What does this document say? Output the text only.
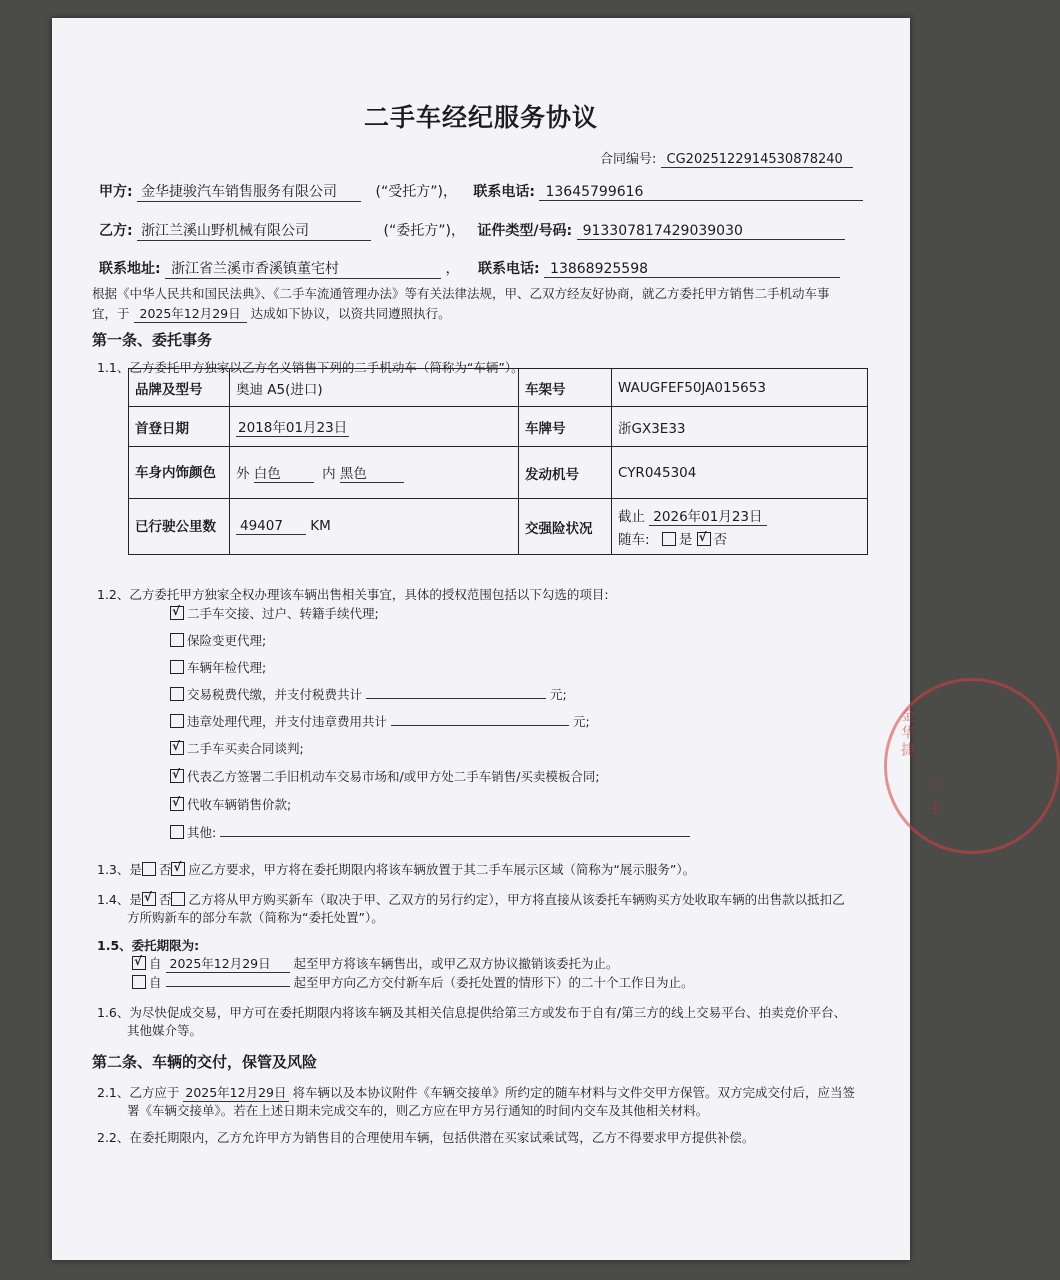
二手车经纪服务协议
合同编号: CG2025122914530878240
甲方: 金华捷骏汽车销售服务有限公司	(“受托方”)， 联系电话: 13645799616
乙方: 浙江兰溪山野机械有限公司	(“委托方”)， 证件类型/号码: 913307817429039030
联系地址: 浙江省兰溪市香溪镇董宅村	， 联系电话: 13868925598
根据《中华人民共和国民法典》、《二手车流通管理办法》等有关法律法规，甲、乙双方经友好协商，就乙方委托甲方销售二手机动车事
宜，于 2025年12月29日 达成如下协议，以资共同遵照执行。
第一条、委托事务
1.1、乙方委托甲方独家以乙方名义销售下列的二手机动车（简称为“车辆”）。
品牌及型号	奥迪 A5(进口)	车架号	WAUGFEF50JA015653
首登日期	2018年01月23日	车牌号	浙GX3E33
车身内饰颜色	外 白色 内 黑色	发动机号	CYR045304
已行驶公里数	49407 KM	交强险状况	截止 2026年01月23日
随车: 是 √ 否
1.2、乙方委托甲方独家全权办理该车辆出售相关事宜，具体的授权范围包括以下勾选的项目:
√二手车交接、过户、转籍手续代理;
保险变更代理;
车辆年检代理;
交易税费代缴，并支付税费共计	元;
违章处理代理，并支付违章费用共计	元;
√二手车买卖合同谈判;
√代表乙方签署二手旧机动车交易市场和/或甲方处二手车销售/买卖模板合同;
√代收车辆销售价款;
其他:
1.3、是 否 √ 应乙方要求，甲方将在委托期限内将该车辆放置于其二手车展示区域（简称为“展示服务”）。
1.4、是 √ 否 乙方将从甲方购买新车（取决于甲、乙双方的另行约定），甲方将直接从该委托车辆购买方处收取车辆的出售款以抵扣乙
方所购新车的部分车款（简称为“委托处置”）。
1.5、委托期限为:
√自 2025年12月29日 起至甲方将该车辆售出，或甲乙双方协议撤销该委托为止。
自	起至甲方向乙方交付新车后（委托处置的情形下）的二十个工作日为止。
1.6、为尽快促成交易，甲方可在委托期限内将该车辆及其相关信息提供给第三方或发布于自有/第三方的线上交易平台、拍卖竞价平台、
其他媒介等。
第二条、车辆的交付，保管及风险
2.1、乙方应于 2025年12月29日 将车辆以及本协议附件《车辆交接单》所约定的随车材料与文件交甲方保管。双方完成交付后，应当签
署《车辆交接单》。若在上述日期未完成交车的，则乙方应在甲方另行通知的时间内交车及其他相关材料。
2.2、在委托期限内，乙方允许甲方为销售目的合理使用车辆，包括供潜在买家试乘试驾，乙方不得要求甲方提供补偿。
金华捷
二手
